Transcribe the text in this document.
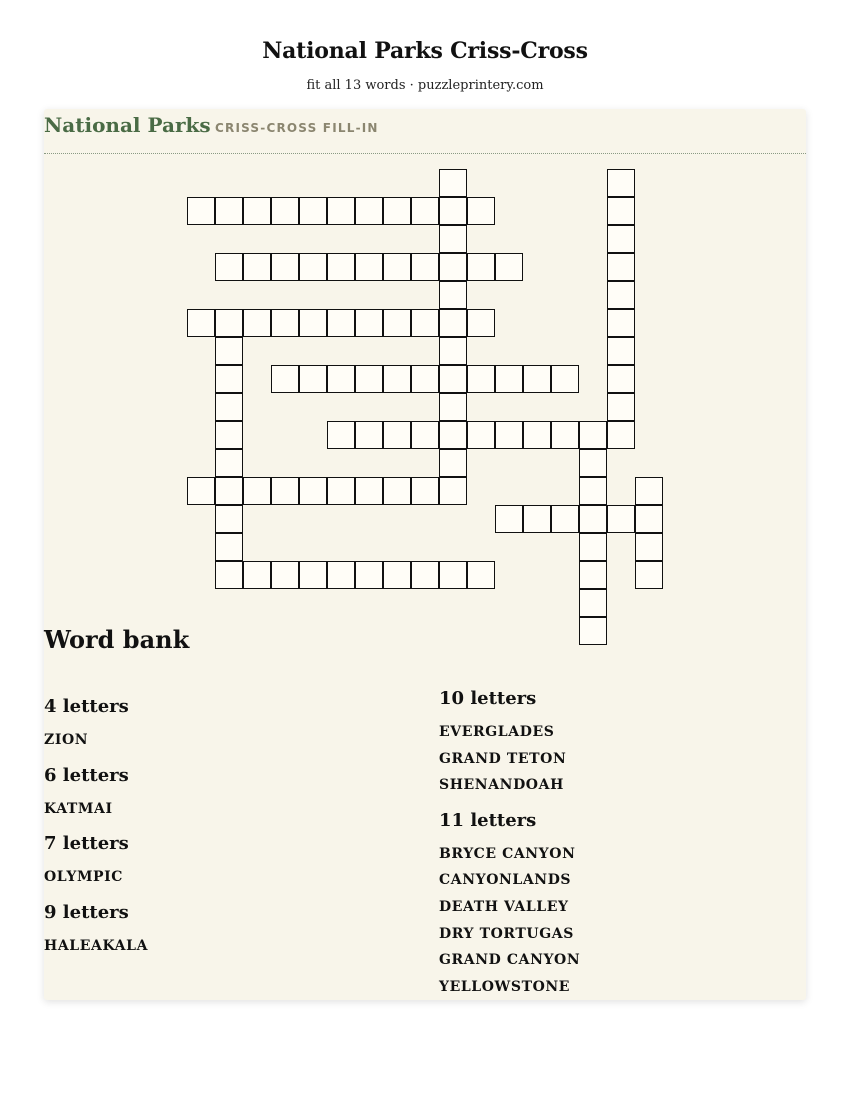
National Parks Criss-Cross
fit all 13 words · puzzleprintery.com
National Parks CRISS-CROSS FILL-IN
Word bank
4 letters
ZION
6 letters
KATMAI
7 letters
OLYMPIC
9 letters
HALEAKALA
10 letters
EVERGLADES
GRAND TETON
SHENANDOAH
11 letters
BRYCE CANYON
CANYONLANDS
DEATH VALLEY
DRY TORTUGAS
GRAND CANYON
YELLOWSTONE
